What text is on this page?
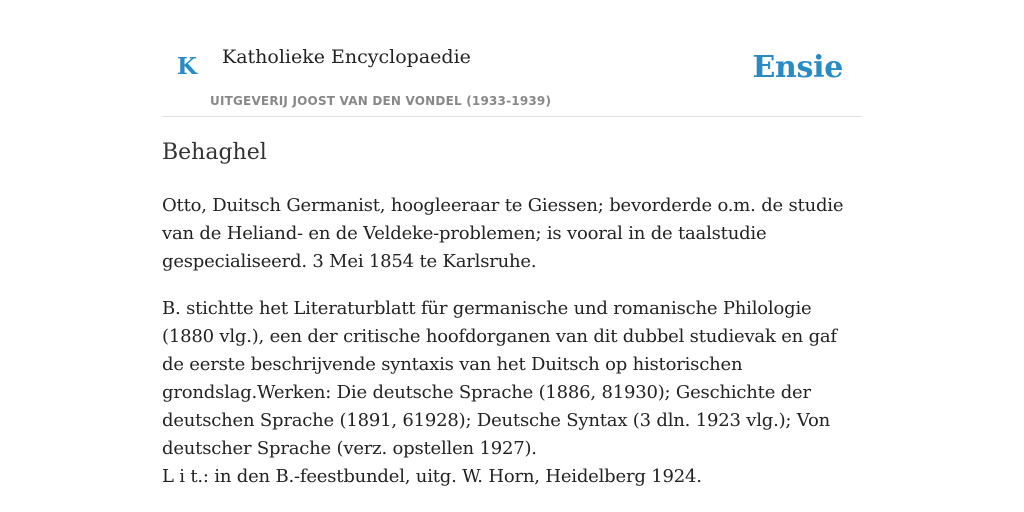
K Katholieke Encyclopaedie
UITGEVERIJ JOOST VAN DEN VONDEL (1933-1939)
Ensie
Behaghel

Otto, Duitsch Germanist, hoogleeraar te Giessen; bevorderde o.m. de studie van de Heliand- en de Veldeke-problemen; is vooral in de taalstudie gespecialiseerd. 3 Mei 1854 te Karlsruhe.

B. stichtte het Literaturblatt für germanische und romanische Philologie (1880 vlg.), een der critische hoofdorganen van dit dubbel studievak en gaf de eerste beschrijvende syntaxis van het Duitsch op historischen grondslag.Werken: Die deutsche Sprache (1886, 81930); Geschichte der deutschen Sprache (1891, 61928); Deutsche Syntax (3 dln. 1923 vlg.); Von deutscher Sprache (verz. opstellen 1927).

L i t.: in den B.-feestbundel, uitg. W. Horn, Heidelberg 1924.
